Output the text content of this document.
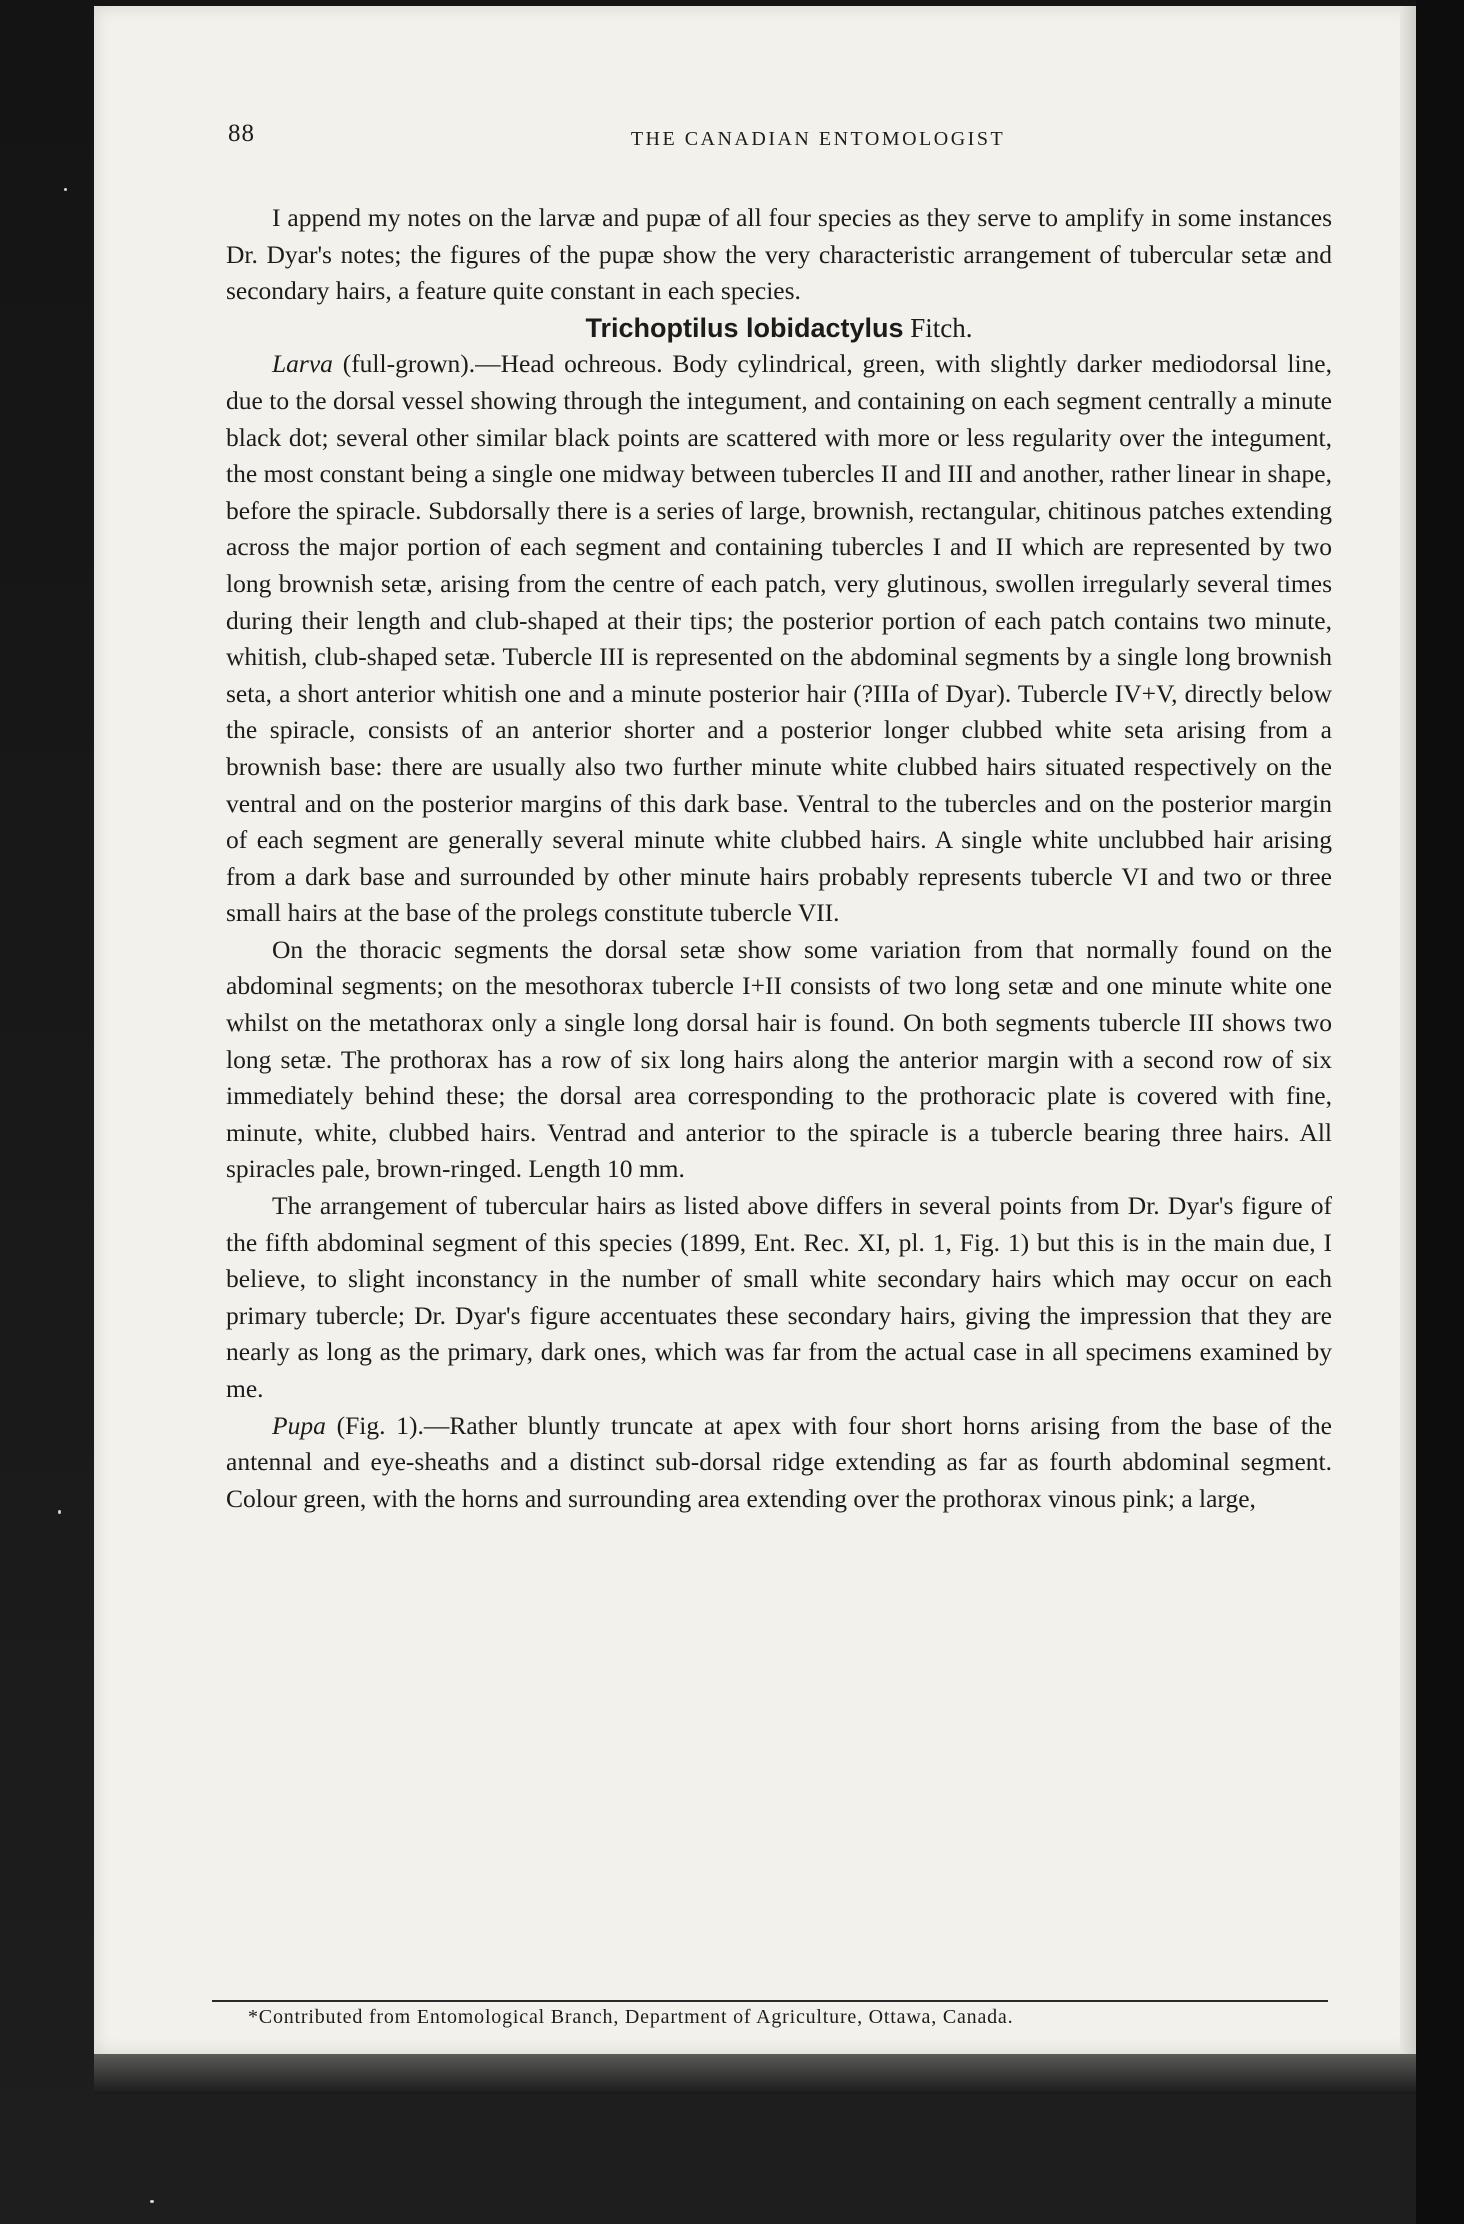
88	THE CANADIAN ENTOMOLOGIST

I append my notes on the larvæ and pupæ of all four species as they serve to amplify in some instances Dr. Dyar's notes; the figures of the pupæ show the very characteristic arrangement of tubercular setæ and secondary hairs, a feature quite constant in each species.

Trichoptilus lobidactylus Fitch.

Larva (full-grown).—Head ochreous. Body cylindrical, green, with slightly darker mediodorsal line, due to the dorsal vessel showing through the integument, and containing on each segment centrally a minute black dot; several other similar black points are scattered with more or less regularity over the integument, the most constant being a single one midway between tubercles II and III and another, rather linear in shape, before the spiracle. Subdorsally there is a series of large, brownish, rectangular, chitinous patches extending across the major portion of each segment and containing tubercles I and II which are represented by two long brownish setæ, arising from the centre of each patch, very glutinous, swollen irregularly several times during their length and club-shaped at their tips; the posterior portion of each patch contains two minute, whitish, club-shaped setæ. Tubercle III is represented on the abdominal segments by a single long brownish seta, a short anterior whitish one and a minute posterior hair (?IIIa of Dyar). Tubercle IV+V, directly below the spiracle, consists of an anterior shorter and a posterior longer clubbed white seta arising from a brownish base: there are usually also two further minute white clubbed hairs situated respectively on the ventral and on the posterior margins of this dark base. Ventral to the tubercles and on the posterior margin of each segment are generally several minute white clubbed hairs. A single white unclubbed hair arising from a dark base and surrounded by other minute hairs probably represents tubercle VI and two or three small hairs at the base of the prolegs constitute tubercle VII.

On the thoracic segments the dorsal setæ show some variation from that normally found on the abdominal segments; on the mesothorax tubercle I+II consists of two long setæ and one minute white one whilst on the metathorax only a single long dorsal hair is found. On both segments tubercle III shows two long setæ. The prothorax has a row of six long hairs along the anterior margin with a second row of six immediately behind these; the dorsal area corresponding to the prothoracic plate is covered with fine, minute, white, clubbed hairs. Ventrad and anterior to the spiracle is a tubercle bearing three hairs. All spiracles pale, brown-ringed. Length 10 mm.

The arrangement of tubercular hairs as listed above differs in several points from Dr. Dyar's figure of the fifth abdominal segment of this species (1899, Ent. Rec. XI, pl. 1, Fig. 1) but this is in the main due, I believe, to slight inconstancy in the number of small white secondary hairs which may occur on each primary tubercle; Dr. Dyar's figure accentuates these secondary hairs, giving the impression that they are nearly as long as the primary, dark ones, which was far from the actual case in all specimens examined by me.

Pupa (Fig. 1).—Rather bluntly truncate at apex with four short horns arising from the base of the antennal and eye-sheaths and a distinct sub-dorsal ridge extending as far as fourth abdominal segment. Colour green, with the horns and surrounding area extending over the prothorax vinous pink; a large,

*Contributed from Entomological Branch, Department of Agriculture, Ottawa, Canada.
